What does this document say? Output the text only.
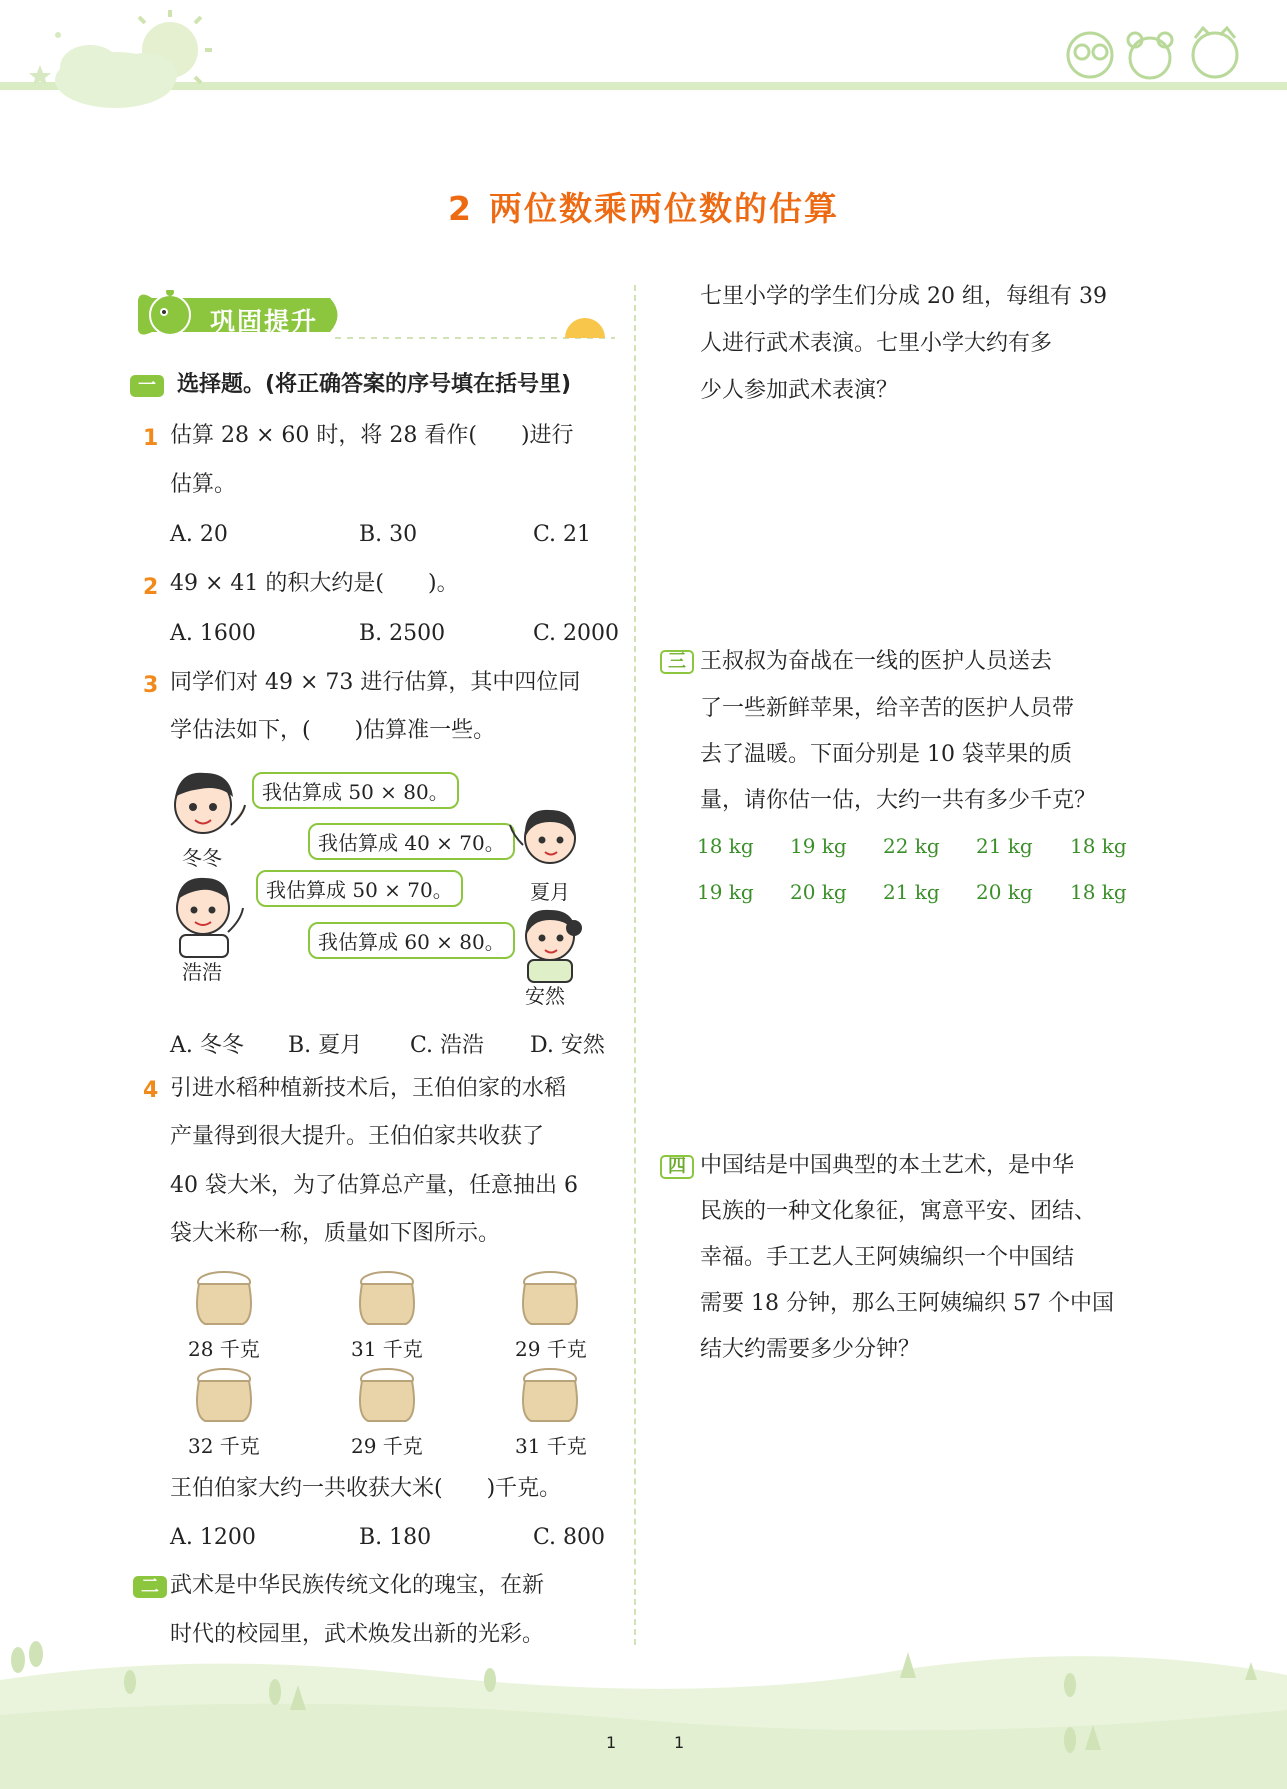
2 两位数乘两位数的估算
巩固提升
一 选择题。(将正确答案的序号填在括号里)
1 估算 28 × 60 时，将 28 看作(　　)进行
估算。
A. 20	B. 30	C. 21
2 49 × 41 的积大约是(　　)。
A. 1600	B. 2500	C. 2000
3 同学们对 49 × 73 进行估算，其中四位同
学估法如下，(　　)估算准一些。
冬冬
我估算成 50 × 80。
我估算成 40 × 70。
夏月
浩浩
我估算成 50 × 70。
我估算成 60 × 80。
安然
A. 冬冬 B. 夏月 C. 浩浩 D. 安然
4 引进水稻种植新技术后，王伯伯家的水稻
产量得到很大提升。王伯伯家共收获了
40 袋大米，为了估算总产量，任意抽出 6
袋大米称一称，质量如下图所示。
28 千克	31 千克	29 千克
32 千克	29 千克	31 千克
王伯伯家大约一共收获大米(　　)千克。
A. 1200	B. 180	C. 800
二 武术是中华民族传统文化的瑰宝，在新
时代的校园里，武术焕发出新的光彩。
七里小学的学生们分成 20 组，每组有 39
人进行武术表演。七里小学大约有多
少人参加武术表演？
三 王叔叔为奋战在一线的医护人员送去
了一些新鲜苹果，给辛苦的医护人员带
去了温暖。下面分别是 10 袋苹果的质
量，请你估一估，大约一共有多少千克？
18 kg 19 kg 22 kg 21 kg 18 kg
19 kg 20 kg 21 kg 20 kg 18 kg
四 中国结是中国典型的本土艺术，是中华
民族的一种文化象征，寓意平安、团结、
幸福。手工艺人王阿姨编织一个中国结
需要 18 分钟，那么王阿姨编织 57 个中国
结大约需要多少分钟？
1	1
